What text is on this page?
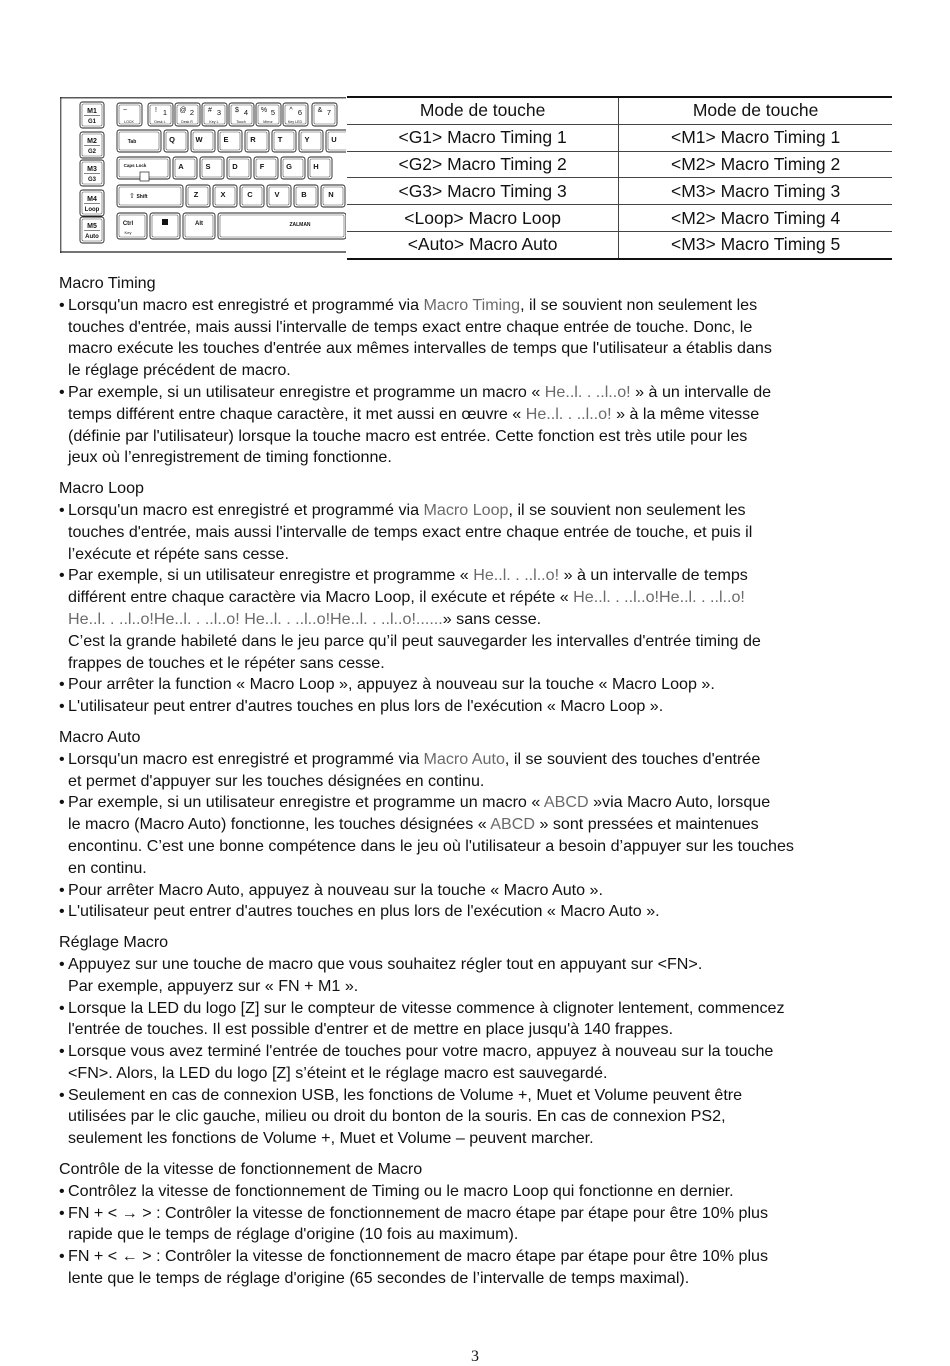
M1
G1
M2
G2
M3
G3
M4
Loop
M5
Auto
~
LOCK
! 1
Desk L
@ 2
Desk R
# 3
Key L
$ 4
Touch
% 5
Mirror
^ 6
Key LED
& 7
Tab	Q	W	E	R	T	Y	U
Caps Lock	A	S	D	F	G	H
Shift
⇧	Z	X	C	V	B	N
Ctrl
Key
Alt	ZALMAN
Mode de touche	Mode de touche
<G1> Macro Timing 1	<M1> Macro Timing 1
<G2> Macro Timing 2	<M2> Macro Timing 2
<G3> Macro Timing 3	<M3> Macro Timing 3
<Loop> Macro Loop	<M2> Macro Timing 4
<Auto> Macro Auto	<M3> Macro Timing 5
Macro Timing
• Lorsqu'un macro est enregistré et programmé via Macro Timing, il se souvient non seulement les
touches d'entrée, mais aussi l'intervalle de temps exact entre chaque entrée de touche. Donc, le
macro exécute les touches d'entrée aux mêmes intervalles de temps que l'utilisateur a établis dans
le réglage précédent de macro.
• Par exemple, si un utilisateur enregistre et programme un macro « He..l. . ..l..o! » à un intervalle de
temps différent entre chaque caractère, it met aussi en œuvre « He..l. . ..l..o! » à la même vitesse
(définie par l'utilisateur) lorsque la touche macro est entrée. Cette fonction est très utile pour les
jeux où l’enregistrement de timing fonctionne.
Macro Loop
• Lorsqu'un macro est enregistré et programmé via Macro Loop, il se souvient non seulement les
touches d'entrée, mais aussi l'intervalle de temps exact entre chaque entrée de touche, et puis il
l’exécute et répéte sans cesse.
• Par exemple, si un utilisateur enregistre et programme « He..l. . ..l..o! » à un intervalle de temps
différent entre chaque caractère via Macro Loop, il exécute et répéte « He..l. . ..l..o!He..l. . ..l..o!
He..l. . ..l..o!He..l. . ..l..o! He..l. . ..l..o!He..l. . ..l..o!......» sans cesse.
C’est la grande habileté dans le jeu parce qu’il peut sauvegarder les intervalles d'entrée timing de
frappes de touches et le répéter sans cesse.
• Pour arrêter la function « Macro Loop », appuyez à nouveau sur la touche « Macro Loop ».
• L'utilisateur peut entrer d'autres touches en plus lors de l'exécution « Macro Loop ».
Macro Auto
• Lorsqu'un macro est enregistré et programmé via Macro Auto, il se souvient des touches d'entrée
et permet d'appuyer sur les touches désignées en continu.
• Par exemple, si un utilisateur enregistre et programme un macro « ABCD »via Macro Auto, lorsque
le macro (Macro Auto) fonctionne, les touches désignées « ABCD » sont pressées et maintenues
encontinu. C’est une bonne compétence dans le jeu où l'utilisateur a besoin d’appuyer sur les touches
en continu.
• Pour arrêter Macro Auto, appuyez à nouveau sur la touche « Macro Auto ».
• L'utilisateur peut entrer d'autres touches en plus lors de l'exécution « Macro Auto ».
Réglage Macro
• Appuyez sur une touche de macro que vous souhaitez régler tout en appuyant sur <FN>.
Par exemple, appuyerz sur « FN + M1 ».
• Lorsque la LED du logo [Z] sur le compteur de vitesse commence à clignoter lentement, commencez
l'entrée de touches. Il est possible d'entrer et de mettre en place jusqu'à 140 frappes.
• Lorsque vous avez terminé l'entrée de touches pour votre macro, appuyez à nouveau sur la touche
<FN>. Alors, la LED du logo [Z] s’éteint et le réglage macro est sauvegardé.
• Seulement en cas de connexion USB, les fonctions de Volume +, Muet et Volume peuvent être
utilisées par le clic gauche, milieu ou droit du bonton de la souris. En cas de connexion PS2,
seulement les fonctions de Volume +, Muet et Volume – peuvent marcher.
Contrôle de la vitesse de fonctionnement de Macro
• Contrôlez la vitesse de fonctionnement de Timing ou le macro Loop qui fonctionne en dernier.
• FN + < → > : Contrôler la vitesse de fonctionnement de macro étape par étape pour être 10% plus
rapide que le temps de réglage d'origine (10 fois au maximum).
• FN + < ← > : Contrôler la vitesse de fonctionnement de macro étape par étape pour être 10% plus
lente que le temps de réglage d'origine (65 secondes de l’intervalle de temps maximal).
3
